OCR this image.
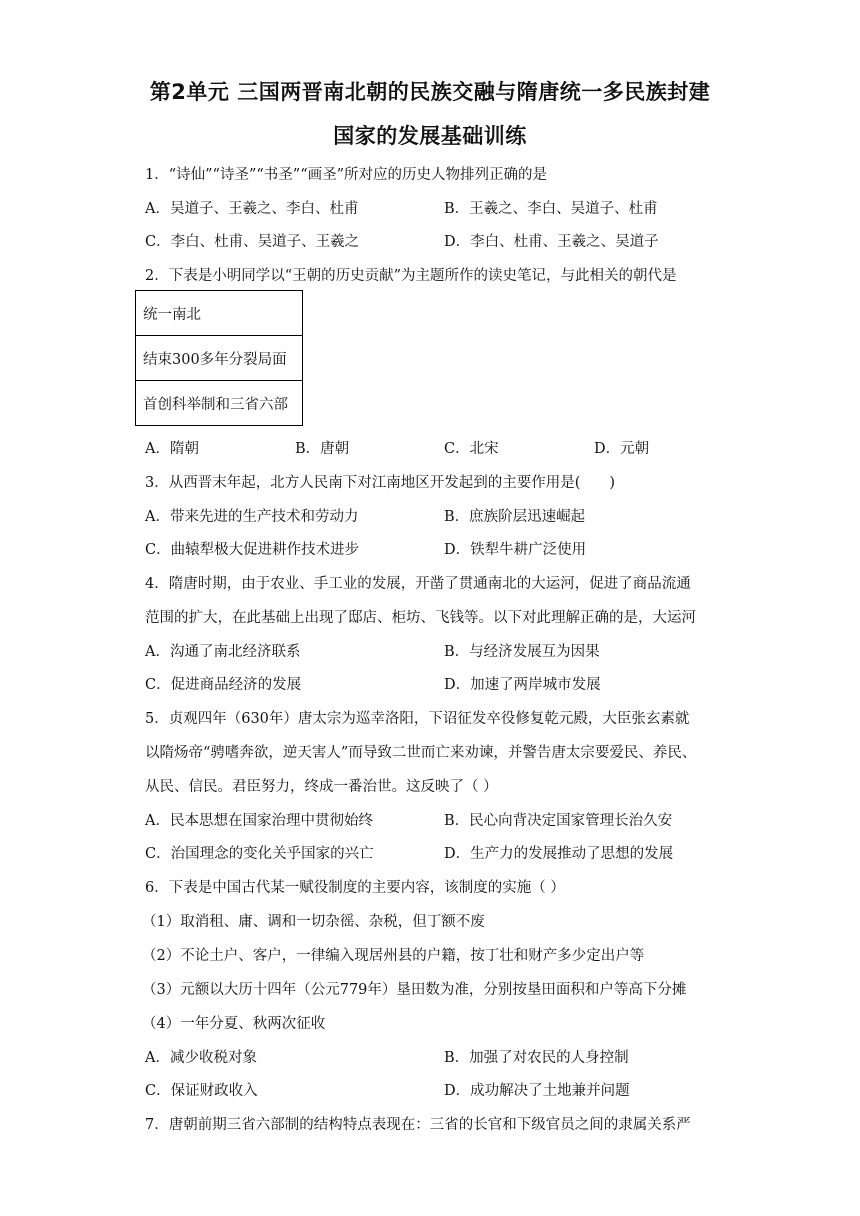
第2单元 三国两晋南北朝的民族交融与隋唐统一多民族封建
国家的发展基础训练
1．“诗仙”“诗圣”“书圣”“画圣”所对应的历史人物排列正确的是
A．吴道子、王羲之、李白、杜甫	B．王羲之、李白、吴道子、杜甫
C．李白、杜甫、吴道子、王羲之	D．李白、杜甫、王羲之、吴道子
2．下表是小明同学以“王朝的历史贡献”为主题所作的读史笔记，与此相关的朝代是
统一南北
结束300多年分裂局面
首创科举制和三省六部
A．隋朝	B．唐朝	C．北宋	D．元朝
3．从西晋末年起，北方人民南下对江南地区开发起到的主要作用是(　　)
A．带来先进的生产技术和劳动力	B．庶族阶层迅速崛起
C．曲辕犁极大促进耕作技术进步	D．铁犁牛耕广泛使用
4．隋唐时期，由于农业、手工业的发展，开凿了贯通南北的大运河，促进了商品流通
范围的扩大，在此基础上出现了邸店、柜坊、飞钱等。以下对此理解正确的是，大运河
A．沟通了南北经济联系	B．与经济发展互为因果
C．促进商品经济的发展	D．加速了两岸城市发展
5．贞观四年（630年）唐太宗为巡幸洛阳，下诏征发卒役修复乾元殿，大臣张玄素就
以隋炀帝“骋嗜奔欲，逆天害人”而导致二世而亡来劝谏，并警告唐太宗要爱民、养民、
从民、信民。君臣努力，终成一番治世。这反映了（ ）
A．民本思想在国家治理中贯彻始终	B．民心向背决定国家管理长治久安
C．治国理念的变化关乎国家的兴亡	D．生产力的发展推动了思想的发展
6．下表是中国古代某一赋役制度的主要内容，该制度的实施（ ）
（1）取消租、庸、调和一切杂徭、杂税，但丁额不废
（2）不论土户、客户，一律编入现居州县的户籍，按丁壮和财产多少定出户等
（3）元额以大历十四年（公元779年）垦田数为准，分别按垦田面积和户等高下分摊
（4）一年分夏、秋两次征收
A．减少收税对象	B．加强了对农民的人身控制
C．保证财政收入	D．成功解决了土地兼并问题
7．唐朝前期三省六部制的结构特点表现在：三省的长官和下级官员之间的隶属关系严
